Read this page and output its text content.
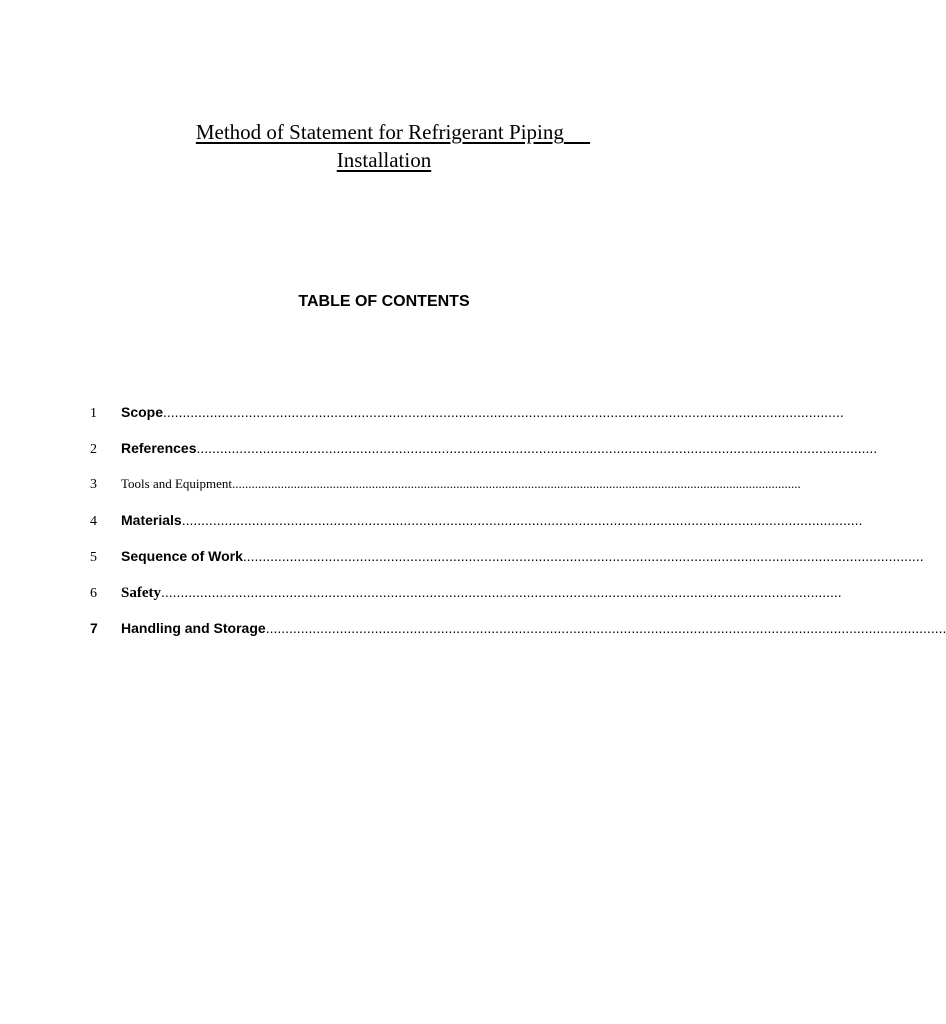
Method of Statement for Refrigerant Piping
Installation
TABLE OF CONTENTS
1	Scope ...............................................................................................................................................................................
2	References ...............................................................................................................................................................................
3	Tools and Equipment ...............................................................................................................................................................................
4	Materials ...............................................................................................................................................................................
5	Sequence of Work ...............................................................................................................................................................................
6	Safety ...............................................................................................................................................................................
7	Handling and Storage ...............................................................................................................................................................................
